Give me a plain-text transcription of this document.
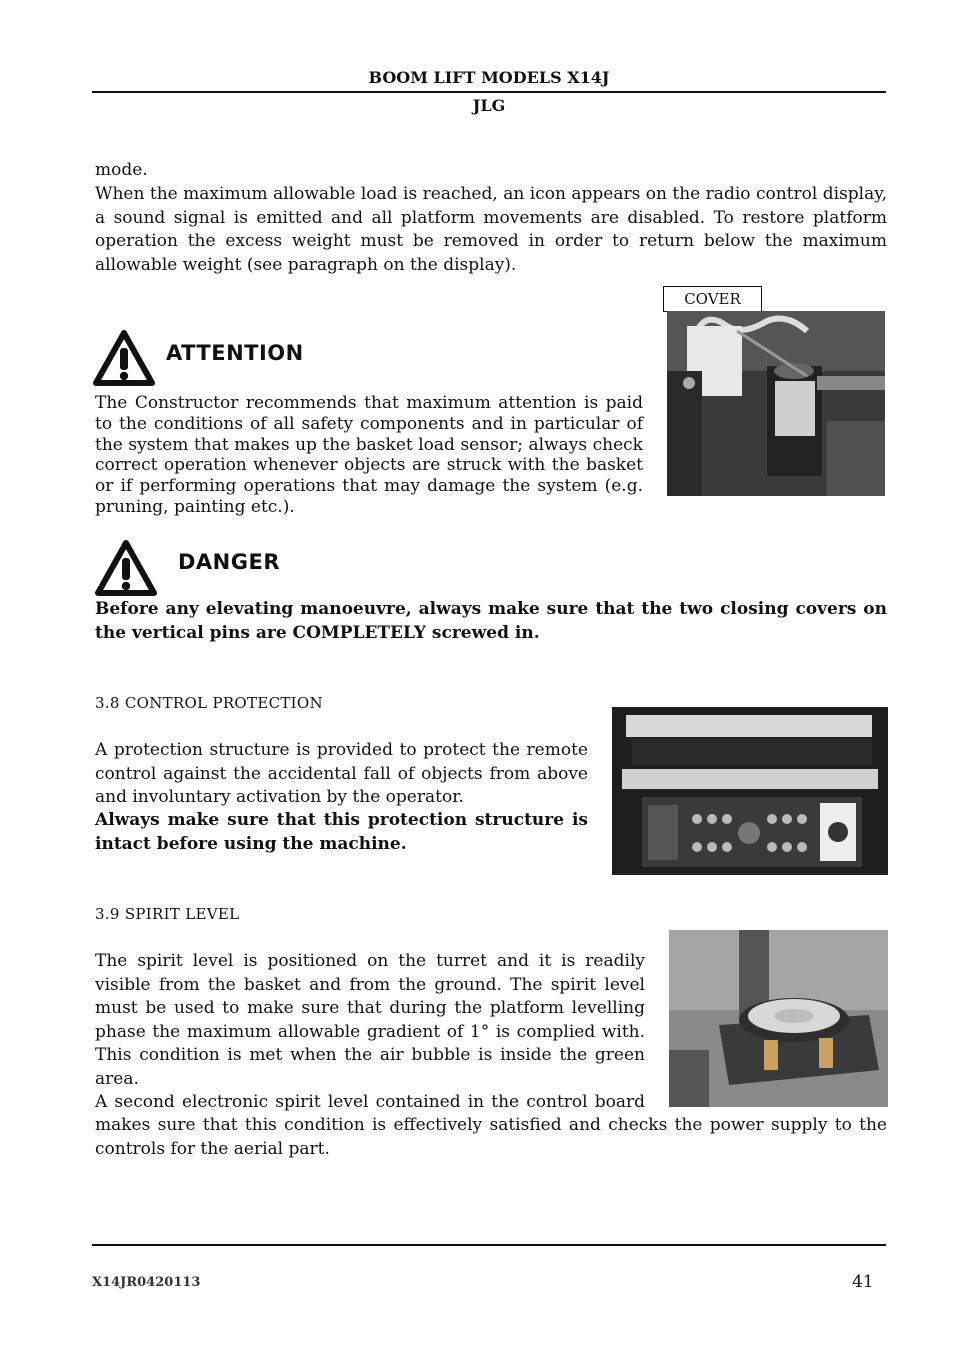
BOOM LIFT MODELS X14J
JLG
mode.
When the maximum allowable load is reached, an icon appears on the radio control display, a sound signal is emitted and all platform movements are disabled. To restore platform operation the excess weight must be removed in order to return below the maximum allowable weight (see paragraph on the display).
ATTENTION
The Constructor recommends that maximum attention is paid to the conditions of all safety components and in particular of the system that makes up the basket load sensor; always check correct operation whenever objects are struck with the basket or if performing operations that may damage the system (e.g. pruning, painting etc.).
COVER
DANGER
Before any elevating manoeuvre, always make sure that the two closing covers on the vertical pins are COMPLETELY screwed in.
3.8 CONTROL PROTECTION
A protection structure is provided to protect the remote control against the accidental fall of objects from above and involuntary activation by the operator.
Always make sure that this protection structure is intact before using the machine.
3.9 SPIRIT LEVEL
The spirit level is positioned on the turret and it is readily visible from the basket and from the ground. The spirit level must be used to make sure that during the platform levelling phase the maximum allowable gradient of 1° is complied with. This condition is met when the air bubble is inside the green area.
A second electronic spirit level contained in the control board
makes sure that this condition is effectively satisfied and checks the power supply to the controls for the aerial part.
X14JR0420113	41
